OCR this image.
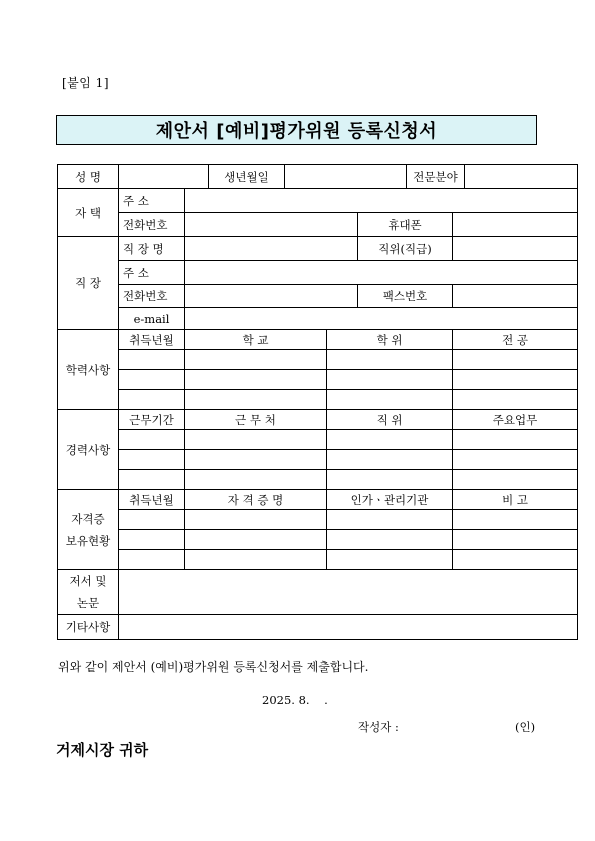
[붙임 1]
제안서 [예비]평가위원 등록신청서
성 명			생년월일				전문분야		
자 택	주 소								
	전화번호					휴대폰			
직 장	직 장 명					직위(직급)			
	주 소								
	전화번호					팩스번호			
	e-mail								
학력사항	취득년월	학 교			학 위			전 공	

경력사항	근무기간	근 무 처			직 위			주요업무	

자격증
보유현황	취득년월	자 격 증 명			인가ㆍ관리기관			비 고	

저서 및
논문									

기타사항									
위와 같이 제안서 (예비)평가위원 등록신청서를 제출합니다.
2025. 8.    .
작성자 :	(인)
거제시장 귀하
